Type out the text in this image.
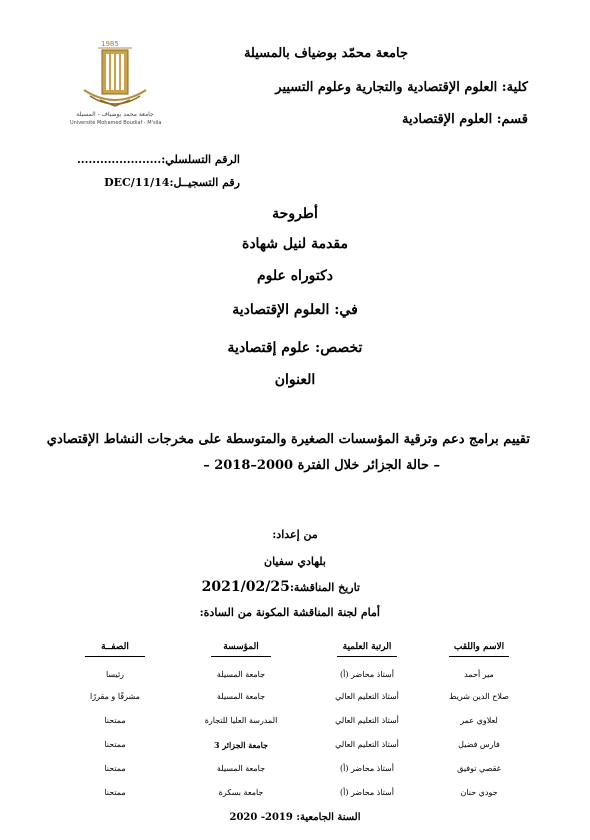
1985
جامعة محمد بوضياف - المسيلة
Université Mohamed Boudiaf - M'sila
جامعة محمّد بوضياف بالمسيلة
كلية: العلوم الإقتصادية والتجارية وعلوم التسيير
قسم: العلوم الإقتصادية
الرقم التسلسلي:......................
رقم التسجيــل:DEC/11/14
أطروحة
مقدمة لنيل شهادة
دكتوراه علوم
في: العلوم الإقتصادية
تخصص: علوم إقتصادية
العنوان
تقييم برامج دعم وترقية المؤسسات الصغيرة والمتوسطة على مخرجات النشاط الإقتصادي
– حالة الجزائر خلال الفترة 2000–2018 –
من إعداد:
بلهادي سفيان
تاريخ المناقشة:2021/02/25
أمام لجنة المناقشة المكونة من السادة:
الاسم واللقب
الرتبة العلمية
المؤسسة
الصفــة
مير أحمد
أستاذ محاضر (أ)
جامعة المسيلة
رئيسا
صلاح الدين شريط
أستاذ التعليم العالي
جامعة المسيلة
مشرفًا و مقررًا
لعلاوي عمر
أستاذ التعليم العالي
المدرسة العليا للتجارة
ممتحنا
فارس فضيل
أستاذ التعليم العالي
جامعة الجزائر 3
ممتحنا
غقصي توفيق
أستاذ محاضر (أ)
جامعة المسيلة
ممتحنا
جودي حنان
أستاذ محاضر (أ)
جامعة بسكرة
ممتحنا
السنة الجامعية: 2019- 2020
